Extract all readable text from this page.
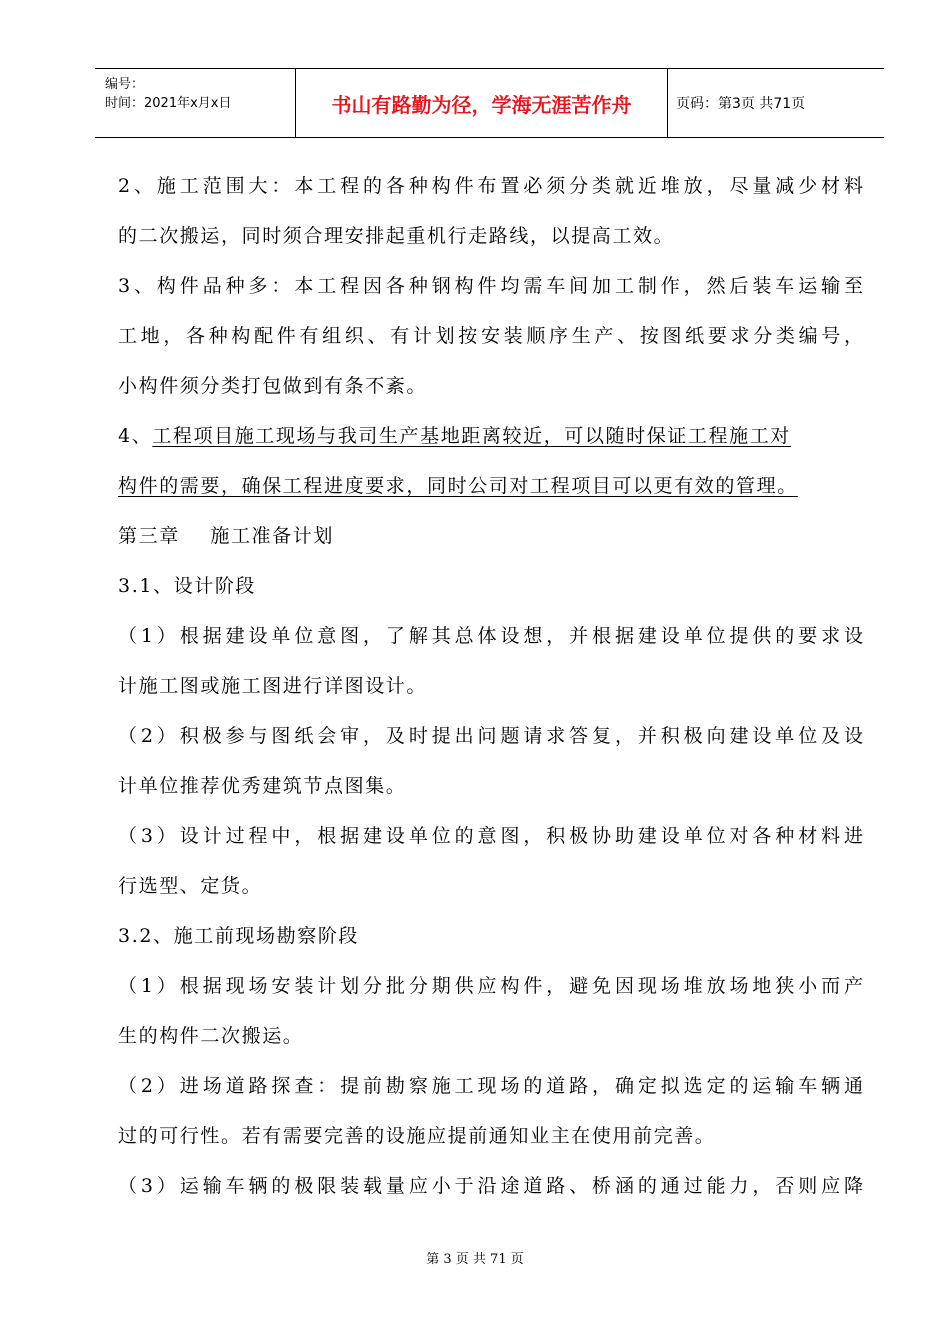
编号：
时间：2021年x月x日	书山有路勤为径，学海无涯苦作舟	页码：第3页 共71页
2、施工范围大：本工程的各种构件布置必须分类就近堆放，尽量减少材料
的二次搬运，同时须合理安排起重机行走路线，以提高工效。
3、构件品种多：本工程因各种钢构件均需车间加工制作，然后装车运输至
工地，各种构配件有组织、有计划按安装顺序生产、按图纸要求分类编号，
小构件须分类打包做到有条不紊。
4、工程项目施工现场与我司生产基地距离较近，可以随时保证工程施工对
构件的需要，确保工程进度要求，同时公司对工程项目可以更有效的管理。
第三章    施工准备计划
3.1、设计阶段
（1）根据建设单位意图，了解其总体设想，并根据建设单位提供的要求设
计施工图或施工图进行详图设计。
（2）积极参与图纸会审，及时提出问题请求答复，并积极向建设单位及设
计单位推荐优秀建筑节点图集。
（3）设计过程中，根据建设单位的意图，积极协助建设单位对各种材料进
行选型、定货。
3.2、施工前现场勘察阶段
（1）根据现场安装计划分批分期供应构件，避免因现场堆放场地狭小而产
生的构件二次搬运。
（2）进场道路探查：提前勘察施工现场的道路，确定拟选定的运输车辆通
过的可行性。若有需要完善的设施应提前通知业主在使用前完善。
（3）运输车辆的极限装载量应小于沿途道路、桥涵的通过能力，否则应降
第 3 页 共 71 页
